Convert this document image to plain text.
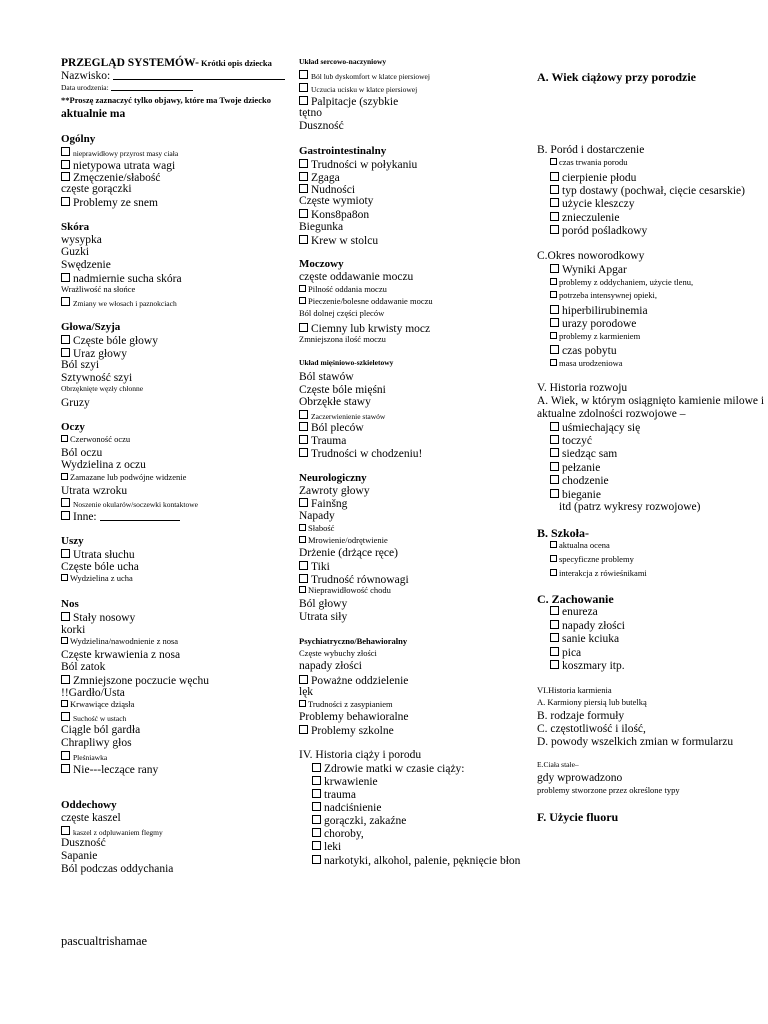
PRZEGLĄD SYSTEMÓW- Krótki opis dziecka
Nazwisko:
Data urodzenia:
**Proszę zaznaczyć tylko objawy, które ma Twoje dziecko
aktualnie ma
Ogólny
nieprawidłowy przyrost masy ciała
nietypowa utrata wagi
Zmęczenie/słabość
częste gorączki
Problemy ze snem
Skóra
wysypka
Guzki
Swędzenie
nadmiernie sucha skóra
Wrażliwość na słońce
Zmiany we włosach i paznokciach
Głowa/Szyja
Częste bóle głowy
Uraz głowy
Ból szyi
Sztywność szyi
Obrzęknięte węzły chłonne
Gruzy
Oczy
Czerwoność oczu
Ból oczu
Wydzielina z oczu
Zamazane lub podwójne widzenie
Utrata wzroku
Noszenie okularów/soczewki kontaktowe
Inne:
Uszy
Utrata słuchu
Częste bóle ucha
Wydzielina z ucha
Nos
Stały nosowy
korki
Wydzielina/nawodnienie z nosa
Częste krwawienia z nosa
Ból zatok
Zmniejszone poczucie węchu
!!Gardło/Usta
Krwawiące dziąsła
Suchość w ustach
Ciągle ból gardła
Chrapliwy głos
Pleśniawka
Nie---leczące rany
Oddechowy
częste kaszel
kaszel z odpluwaniem flegmy
Duszność
Sapanie
Ból podczas oddychania
Układ sercowo-naczyniowy
Ból lub dyskomfort w klatce piersiowej
Uczucia ucisku w klatce piersiowej
Palpitacje (szybkie
tętno
Duszność
Gastrointestinalny
Trudności w połykaniu
Zgaga
Nudności
Częste wymioty
Kons8pa8on
Biegunka
Krew w stolcu
Moczowy
częste oddawanie moczu
Pilność oddania moczu
Pieczenie/bolesne oddawanie moczu
Ból dolnej części pleców
Ciemny lub krwisty mocz
Zmniejszona ilość moczu
Układ mięśniowo-szkieletowy
Ból stawów
Częste bóle mięśni
Obrzękłe stawy
Zaczerwienienie stawów
Ból pleców
Trauma
Trudności w chodzeniu!
Neurologiczny
Zawroty głowy
Fainšng
Napady
Słabość
Mrowienie/odrętwienie
Drżenie (drżące ręce)
Tiki
Trudność równowagi
Nieprawidłowość chodu
Ból głowy
Utrata siły
Psychiatryczno/Behawioralny
Częste wybuchy złości
napady złości
Poważne oddzielenie
lęk
Trudności z zasypianiem
Problemy behawioralne
Problemy szkolne
IV. Historia ciąży i porodu
Zdrowie matki w czasie ciąży:
krwawienie
trauma
nadciśnienie
gorączki, zakaźne
choroby,
leki
narkotyki, alkohol, palenie, pęknięcie błon
A. Wiek ciążowy przy porodzie
B. Poród i dostarczenie
czas trwania porodu
cierpienie płodu
typ dostawy (pochwał, cięcie cesarskie)
użycie kleszczy
znieczulenie
poród pośladkowy
C.Okres noworodkowy
Wyniki Apgar
problemy z oddychaniem, użycie tlenu,
potrzeba intensywnej opieki,
hiperbilirubinemia
urazy porodowe
problemy z karmieniem
czas pobytu
masa urodzeniowa
V. Historia rozwoju
A. Wiek, w którym osiągnięto kamienie milowe i
aktualne zdolności rozwojowe –
uśmiechający się
toczyć
siedząc sam
pełzanie
chodzenie
bieganie
itd (patrz wykresy rozwojowe)
B. Szkoła-
aktualna ocena
specyficzne problemy
interakcja z rówieśnikami
C. Zachowanie
enureza
napady złości
sanie kciuka
pica
koszmary itp.
VI.Historia karmienia
A. Karmiony piersią lub butelką
B. rodzaje formuły
C. częstotliwość i ilość,
D. powody wszelkich zmian w formularzu
E.Ciała stałe–
gdy wprowadzono
problemy stworzone przez określone typy
F. Użycie fluoru
pascualtrishamae
